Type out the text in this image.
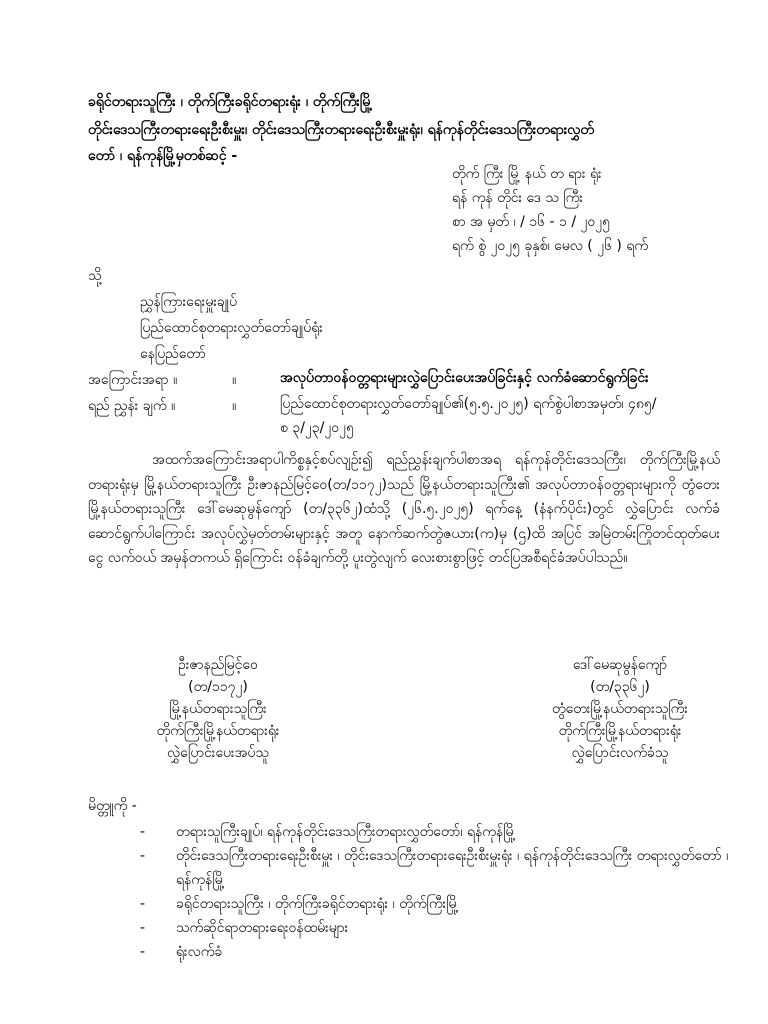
ခရိုင်တရားသူကြီး ၊ တိုက်ကြီးခရိုင်တရားရုံး ၊ တိုက်ကြီးမြို့
တိုင်းဒေသကြီးတရားရေးဦးစီးမှူး၊ တိုင်းဒေသကြီးတရားရေးဦးစီးမှူးရုံး၊ ရန်ကုန်တိုင်းဒေသကြီးတရားလွှတ်
တော် ၊ ရန်ကုန်မြို့မှတစ်ဆင့် -
တိုက် ကြီး မြို့ နယ် တ ရား ရုံး
ရန် ကုန် တိုင်း ဒေ သ ကြီး
စာ အ မှတ် ၊ / ၁၆ - ၁ / ၂၀၂၅
ရက် စွဲ ၂၀၂၅ ခုနှစ်၊ မေလ ( ၂၆ ) ရက်
သို့
ညွှန်ကြားရေးမှူးချုပ်
ပြည်ထောင်စုတရားလွှတ်တော်ချုပ်ရုံး
နေပြည်တော်
အကြောင်းအရာ ။	။	အလုပ်တာဝန်ဝတ္တရားများလွှဲပြောင်းပေးအပ်ခြင်းနှင့် လက်ခံဆောင်ရွက်ခြင်း
ရည် ညွှန်း ချက် ။	။	ပြည်ထောင်စုတရားလွှတ်တော်ချုပ်၏(၅.၅.၂၀၂၅) ရက်စွဲပါစာအမှတ်၊ ၄၈၅/
စ ၃/၂၃/၂၀၂၅

အထက်အကြောင်းအရာပါကိစ္စနှင့်စပ်လျဉ်း၍ ရည်ညွှန်းချက်ပါစာအရ ရန်ကုန်တိုင်းဒေသကြီး၊ တိုက်ကြီးမြို့နယ်တရားရုံးမှ မြို့နယ်တရားသူကြီး ဦးဇာနည်မြင့်ဝေ(တ/၁၁၇၂)သည် မြို့နယ်တရားသူကြီး၏ အလုပ်တာဝန်ဝတ္တရားများကို တွံတေးမြို့နယ်တရားသူကြီး ဒေါ်မေဆုမွန်ကျော် (တ/၃၃၆၂)ထံသို့ (၂၆.၅.၂၀၂၅) ရက်နေ့ (နံနက်ပိုင်း)တွင် လွှဲပြောင်း လက်ခံဆောင်ရွက်ပါကြောင်း အလုပ်လွှဲမှတ်တမ်းများနှင့် အတူ နောက်ဆက်တွဲဇယား(က)မှ (ဌ)ထိ အပြင် အမြဲတမ်းကြိုတင်ထုတ်ပေးငွေ လက်ဝယ် အမှန်တကယ် ရှိကြောင်း ဝန်ခံချက်တို့ ပူးတွဲလျက် လေးစားစွာဖြင့် တင်ပြအစီရင်ခံအပ်ပါသည်။

ဦးဇာနည်မြင့်ဝေ
(တ/၁၁၇၂)
မြို့နယ်တရားသူကြီး
တိုက်ကြီးမြို့နယ်တရားရုံး
လွှဲပြောင်းပေးအပ်သူ
ဒေါ်မေဆုမွန်ကျော်
(တ/၃၃၆၂)
တွံတေးမြို့နယ်တရားသူကြီး
တိုက်ကြီးမြို့နယ်တရားရုံး
လွှဲပြောင်းလက်ခံသူ
မိတ္တူကို -
- တရားသူကြီးချုပ်၊ ရန်ကုန်တိုင်းဒေသကြီးတရားလွှတ်တော်၊ ရန်ကုန်မြို့
- တိုင်းဒေသကြီးတရားရေးဦးစီးမှူး ၊ တိုင်းဒေသကြီးတရားရေးဦးစီးမှူးရုံး ၊ ရန်ကုန်တိုင်းဒေသကြီး တရားလွှတ်တော် ၊ ရန်ကုန်မြို့
- ခရိုင်တရားသူကြီး ၊ တိုက်ကြီးခရိုင်တရားရုံး ၊ တိုက်ကြီးမြို့
- သက်ဆိုင်ရာတရားရေးဝန်ထမ်းများ
- ရုံးလက်ခံ
